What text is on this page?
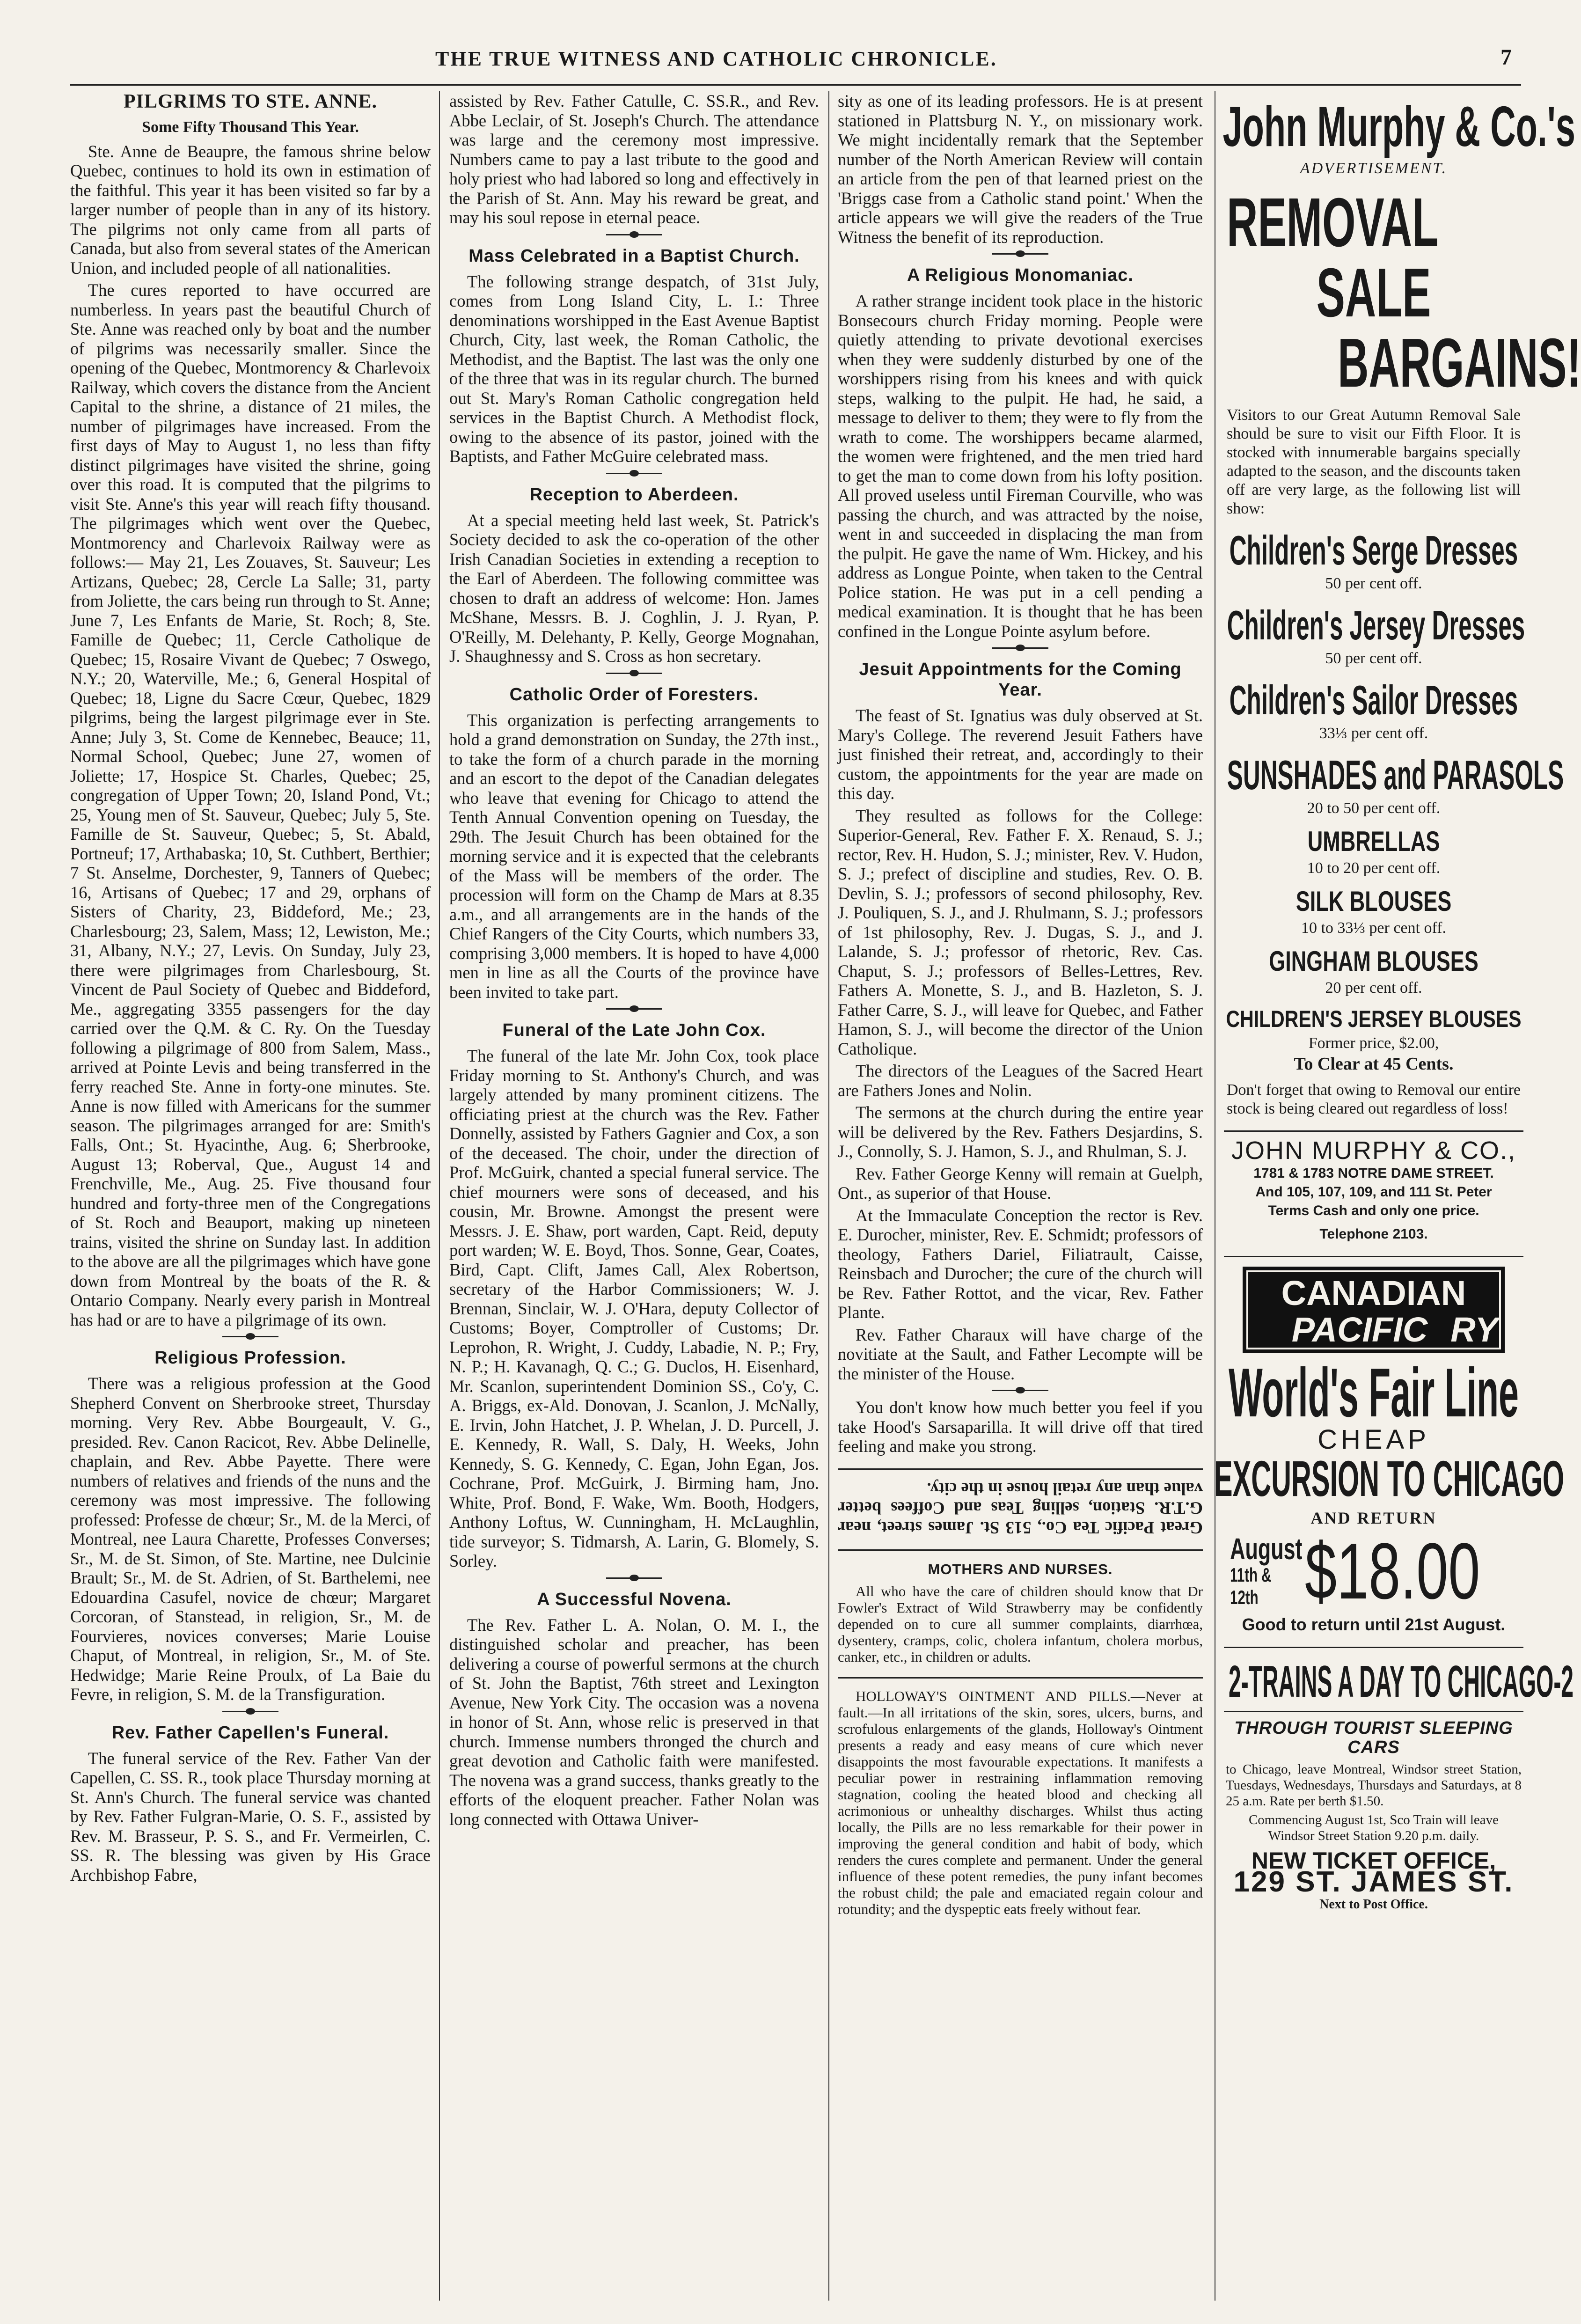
THE TRUE WITNESS AND CATHOLIC CHRONICLE.	7
PILGRIMS TO STE. ANNE.
Some Fifty Thousand This Year.

Ste. Anne de Beaupre, the famous shrine below Quebec, continues to hold its own in estimation of the faithful. This year it has been visited so far by a larger number of people than in any of its history. The pilgrims not only came from all parts of Canada, but also from several states of the American Union, and included people of all nationalities.

The cures reported to have occurred are numberless. In years past the beautiful Church of Ste. Anne was reached only by boat and the number of pilgrims was necessarily smaller. Since the opening of the Quebec, Montmorency & Charlevoix Railway, which covers the distance from the Ancient Capital to the shrine, a distance of 21 miles, the number of pilgrimages have increased. From the first days of May to August 1, no less than fifty distinct pilgrimages have visited the shrine, going over this road. It is computed that the pilgrims to visit Ste. Anne's this year will reach fifty thousand. The pilgrimages which went over the Quebec, Montmorency and Charlevoix Railway were as follows:— May 21, Les Zouaves, St. Sauveur; Les Artizans, Quebec; 28, Cercle La Salle; 31, party from Joliette, the cars being run through to St. Anne; June 7, Les Enfants de Marie, St. Roch; 8, Ste. Famille de Quebec; 11, Cercle Catholique de Quebec; 15, Rosaire Vivant de Quebec; 7 Oswego, N.Y.; 20, Waterville, Me.; 6, General Hospital of Quebec; 18, Ligne du Sacre Cœur, Quebec, 1829 pilgrims, being the largest pilgrimage ever in Ste. Anne; July 3, St. Come de Kennebec, Beauce; 11, Normal School, Quebec; June 27, women of Joliette; 17, Hospice St. Charles, Quebec; 25, congregation of Upper Town; 20, Island Pond, Vt.; 25, Young men of St. Sauveur, Quebec; July 5, Ste. Famille de St. Sauveur, Quebec; 5, St. Abald, Portneuf; 17, Arthabaska; 10, St. Cuthbert, Berthier; 7 St. Anselme, Dorchester, 9, Tanners of Quebec; 16, Artisans of Quebec; 17 and 29, orphans of Sisters of Charity, 23, Biddeford, Me.; 23, Charlesbourg; 23, Salem, Mass; 12, Lewiston, Me.; 31, Albany, N.Y.; 27, Levis. On Sunday, July 23, there were pilgrimages from Charlesbourg, St. Vincent de Paul Society of Quebec and Biddeford, Me., aggregating 3355 passengers for the day carried over the Q.M. & C. Ry. On the Tuesday following a pilgrimage of 800 from Salem, Mass., arrived at Pointe Levis and being transferred in the ferry reached Ste. Anne in forty-one minutes. Ste. Anne is now filled with Americans for the summer season. The pilgrimages arranged for are: Smith's Falls, Ont.; St. Hyacinthe, Aug. 6; Sherbrooke, August 13; Roberval, Que., August 14 and Frenchville, Me., Aug. 25. Five thousand four hundred and forty-three men of the Congregations of St. Roch and Beauport, making up nineteen trains, visited the shrine on Sunday last. In addition to the above are all the pilgrimages which have gone down from Montreal by the boats of the R. & Ontario Company. Nearly every parish in Montreal has had or are to have a pilgrimage of its own.

Religious Profession.

There was a religious profession at the Good Shepherd Convent on Sherbrooke street, Thursday morning. Very Rev. Abbe Bourgeault, V. G., presided. Rev. Canon Racicot, Rev. Abbe Delinelle, chaplain, and Rev. Abbe Payette. There were numbers of relatives and friends of the nuns and the ceremony was most impressive. The following professed: Professe de chœur; Sr., M. de la Merci, of Montreal, nee Laura Charette, Professes Converses; Sr., M. de St. Simon, of Ste. Martine, nee Dulcinie Brault; Sr., M. de St. Adrien, of St. Barthelemi, nee Edouardina Casufel, novice de chœur; Margaret Corcoran, of Stanstead, in religion, Sr., M. de Fourvieres, novices converses; Marie Louise Chaput, of Montreal, in religion, Sr., M. of Ste. Hedwidge; Marie Reine Proulx, of La Baie du Fevre, in religion, S. M. de la Transfiguration.

Rev. Father Capellen's Funeral.

The funeral service of the Rev. Father Van der Capellen, C. SS. R., took place Thursday morning at St. Ann's Church. The funeral service was chanted by Rev. Father Fulgran-Marie, O. S. F., assisted by Rev. M. Brasseur, P. S. S., and Fr. Vermeirlen, C. SS. R. The blessing was given by His Grace Archbishop Fabre,

assisted by Rev. Father Catulle, C. SS.R., and Rev. Abbe Leclair, of St. Joseph's Church. The attendance was large and the ceremony most impressive. Numbers came to pay a last tribute to the good and holy priest who had labored so long and effectively in the Parish of St. Ann. May his reward be great, and may his soul repose in eternal peace.

Mass Celebrated in a Baptist Church.

The following strange despatch, of 31st July, comes from Long Island City, L. I.: Three denominations worshipped in the East Avenue Baptist Church, City, last week, the Roman Catholic, the Methodist, and the Baptist. The last was the only one of the three that was in its regular church. The burned out St. Mary's Roman Catholic congregation held services in the Baptist Church. A Methodist flock, owing to the absence of its pastor, joined with the Baptists, and Father McGuire celebrated mass.

Reception to Aberdeen.

At a special meeting held last week, St. Patrick's Society decided to ask the co-operation of the other Irish Canadian Societies in extending a reception to the Earl of Aberdeen. The following committee was chosen to draft an address of welcome: Hon. James McShane, Messrs. B. J. Coghlin, J. J. Ryan, P. O'Reilly, M. Delehanty, P. Kelly, George Mognahan, J. Shaughnessy and S. Cross as hon secretary.

Catholic Order of Foresters.

This organization is perfecting arrangements to hold a grand demonstration on Sunday, the 27th inst., to take the form of a church parade in the morning and an escort to the depot of the Canadian delegates who leave that evening for Chicago to attend the Tenth Annual Convention opening on Tuesday, the 29th. The Jesuit Church has been obtained for the morning service and it is expected that the celebrants of the Mass will be members of the order. The procession will form on the Champ de Mars at 8.35 a.m., and all arrangements are in the hands of the Chief Rangers of the City Courts, which numbers 33, comprising 3,000 members. It is hoped to have 4,000 men in line as all the Courts of the province have been invited to take part.

Funeral of the Late John Cox.

The funeral of the late Mr. John Cox, took place Friday morning to St. Anthony's Church, and was largely attended by many prominent citizens. The officiating priest at the church was the Rev. Father Donnelly, assisted by Fathers Gagnier and Cox, a son of the deceased. The choir, under the direction of Prof. McGuirk, chanted a special funeral service. The chief mourners were sons of deceased, and his cousin, Mr. Browne. Amongst the present were Messrs. J. E. Shaw, port warden, Capt. Reid, deputy port warden; W. E. Boyd, Thos. Sonne, Gear, Coates, Bird, Capt. Clift, James Call, Alex Robertson, secretary of the Harbor Commissioners; W. J. Brennan, Sinclair, W. J. O'Hara, deputy Collector of Customs; Boyer, Comptroller of Customs; Dr. Leprohon, R. Wright, J. Cuddy, Labadie, N. P.; Fry, N. P.; H. Kavanagh, Q. C.; G. Duclos, H. Eisenhard, Mr. Scanlon, superintendent Dominion SS., Co'y, C. A. Briggs, ex-Ald. Donovan, J. Scanlon, J. McNally, E. Irvin, John Hatchet, J. P. Whelan, J. D. Purcell, J. E. Kennedy, R. Wall, S. Daly, H. Weeks, John Kennedy, S. G. Kennedy, C. Egan, John Egan, Jos. Cochrane, Prof. McGuirk, J. Birming ham, Jno. White, Prof. Bond, F. Wake, Wm. Booth, Hodgers, Anthony Loftus, W. Cunningham, H. McLaughlin, tide surveyor; S. Tidmarsh, A. Larin, G. Blomely, S. Sorley.

A Successful Novena.

The Rev. Father L. A. Nolan, O. M. I., the distinguished scholar and preacher, has been delivering a course of powerful sermons at the church of St. John the Baptist, 76th street and Lexington Avenue, New York City. The occasion was a novena in honor of St. Ann, whose relic is preserved in that church. Immense numbers thronged the church and great devotion and Catholic faith were manifested. The novena was a grand success, thanks greatly to the efforts of the eloquent preacher. Father Nolan was long connected with Ottawa Univer-

sity as one of its leading professors. He is at present stationed in Plattsburg N. Y., on missionary work. We might incidentally remark that the September number of the North American Review will contain an article from the pen of that learned priest on the 'Briggs case from a Catholic stand point.' When the article appears we will give the readers of the True Witness the benefit of its reproduction.

A Religious Monomaniac.

A rather strange incident took place in the historic Bonsecours church Friday morning. People were quietly attending to private devotional exercises when they were suddenly disturbed by one of the worshippers rising from his knees and with quick steps, walking to the pulpit. He had, he said, a message to deliver to them; they were to fly from the wrath to come. The worshippers became alarmed, the women were frightened, and the men tried hard to get the man to come down from his lofty position. All proved useless until Fireman Courville, who was passing the church, and was attracted by the noise, went in and succeeded in displacing the man from the pulpit. He gave the name of Wm. Hickey, and his address as Longue Pointe, when taken to the Central Police station. He was put in a cell pending a medical examination. It is thought that he has been confined in the Longue Pointe asylum before.

Jesuit Appointments for the Coming Year.

The feast of St. Ignatius was duly observed at St. Mary's College. The reverend Jesuit Fathers have just finished their retreat, and, accordingly to their custom, the appointments for the year are made on this day.

They resulted as follows for the College: Superior-General, Rev. Father F. X. Renaud, S. J.; rector, Rev. H. Hudon, S. J.; minister, Rev. V. Hudon, S. J.; prefect of discipline and studies, Rev. O. B. Devlin, S. J.; professors of second philosophy, Rev. J. Pouliquen, S. J., and J. Rhulmann, S. J.; professors of 1st philosophy, Rev. J. Dugas, S. J., and J. Lalande, S. J.; professor of rhetoric, Rev. Cas. Chaput, S. J.; professors of Belles-Lettres, Rev. Fathers A. Monette, S. J., and B. Hazleton, S. J. Father Carre, S. J., will leave for Quebec, and Father Hamon, S. J., will become the director of the Union Catholique.

The directors of the Leagues of the Sacred Heart are Fathers Jones and Nolin.

The sermons at the church during the entire year will be delivered by the Rev. Fathers Desjardins, S. J., Connolly, S. J. Hamon, S. J., and Rhulman, S. J.

Rev. Father George Kenny will remain at Guelph, Ont., as superior of that House.

At the Immaculate Conception the rector is Rev. E. Durocher, minister, Rev. E. Schmidt; professors of theology, Fathers Dariel, Filiatrault, Caisse, Reinsbach and Durocher; the cure of the church will be Rev. Father Rottot, and the vicar, Rev. Father Plante.

Rev. Father Charaux will have charge of the novitiate at the Sault, and Father Lecompte will be the minister of the House.

You don't know how much better you feel if you take Hood's Sarsaparilla. It will drive off that tired feeling and make you strong.

Great Pacific Tea Co., 513 St. James street, near G.T.R. Station, selling Teas and Coffees better value than any retail house in the city.

MOTHERS AND NURSES.

All who have the care of children should know that Dr Fowler's Extract of Wild Strawberry may be confidently depended on to cure all summer complaints, diarrhœa, dysentery, cramps, colic, cholera infantum, cholera morbus, canker, etc., in children or adults.

HOLLOWAY'S OINTMENT AND PILLS.—Never at fault.—In all irritations of the skin, sores, ulcers, burns, and scrofulous enlargements of the glands, Holloway's Ointment presents a ready and easy means of cure which never disappoints the most favourable expectations. It manifests a peculiar power in restraining inflammation removing stagnation, cooling the heated blood and checking all acrimonious or unhealthy discharges. Whilst thus acting locally, the Pills are no less remarkable for their power in improving the general condition and habit of body, which renders the cures complete and permanent. Under the general influence of these potent remedies, the puny infant becomes the robust child; the pale and emaciated regain colour and rotundity; and the dyspeptic eats freely without fear.

John Murphy & Co.'s
ADVERTISEMENT.
REMOVAL
SALE
BARGAINS!
Visitors to our Great Autumn Removal Sale should be sure to visit our Fifth Floor. It is stocked with innumerable bargains specially adapted to the season, and the discounts taken off are very large, as the following list will show:
Children's Serge Dresses
50 per cent off.
Children's Jersey Dresses
50 per cent off.
Children's Sailor Dresses
33⅓ per cent off.
SUNSHADES and PARASOLS
20 to 50 per cent off.
UMBRELLAS
10 to 20 per cent off.
SILK BLOUSES
10 to 33⅓ per cent off.
GINGHAM BLOUSES
20 per cent off.
CHILDREN'S JERSEY BLOUSES
Former price, $2.00,
To Clear at 45 Cents.
Don't forget that owing to Removal our entire stock is being cleared out regardless of loss!
JOHN MURPHY & CO.,
1781 & 1783 NOTRE DAME STREET.
And 105, 107, 109, and 111 St. Peter
Terms Cash and only one price.
Telephone 2103.
CANADIAN
PACIFIC RY
World's Fair Line
CHEAP
EXCURSION TO CHICAGO
AND RETURN
August
11th & 12th $18.00
Good to return until 21st August.
2-TRAINS A DAY TO CHICAGO-2
THROUGH TOURIST SLEEPING CARS
to Chicago, leave Montreal, Windsor street Station, Tuesdays, Wednesdays, Thursdays and Saturdays, at 8 25 a.m. Rate per berth $1.50.
Commencing August 1st, Sco Train will leave Windsor Street Station 9.20 p.m. daily.
NEW TICKET OFFICE,
129 ST. JAMES ST.
Next to Post Office.
